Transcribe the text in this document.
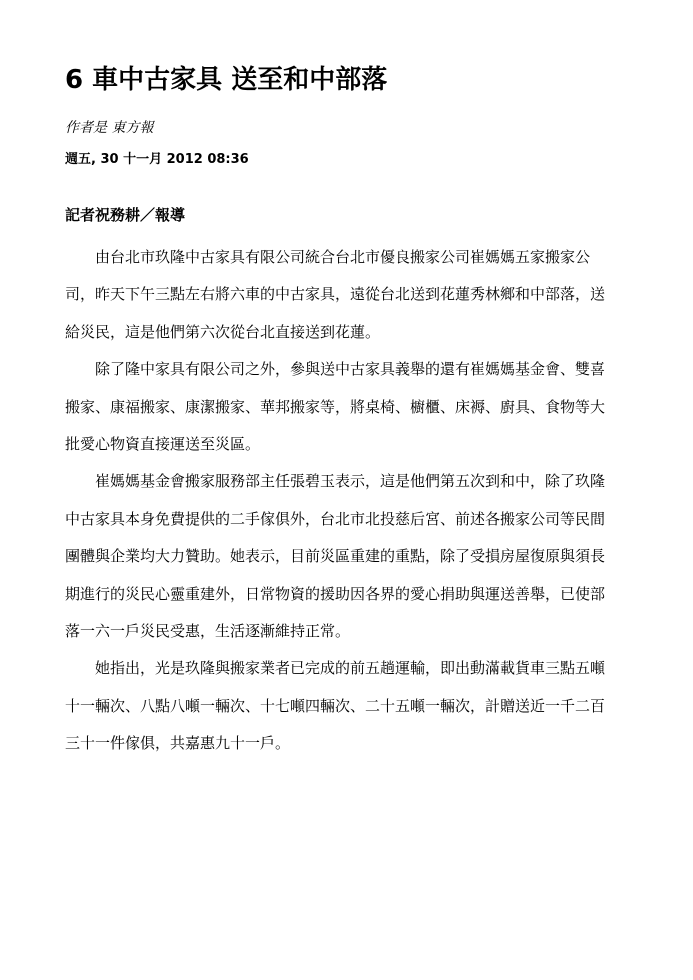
6 車中古家具 送至和中部落

作者是 東方報

週五, 30 十一月 2012 08:36

記者祝務耕／報導

由台北市玖隆中古家具有限公司統合台北市優良搬家公司崔媽媽五家搬家公
司，昨天下午三點左右將六車的中古家具，遠從台北送到花蓮秀林鄉和中部落，送
給災民，這是他們第六次從台北直接送到花蓮。

除了隆中家具有限公司之外，參與送中古家具義舉的還有崔媽媽基金會、雙喜
搬家、康福搬家、康潔搬家、華邦搬家等，將桌椅、櫥櫃、床褥、廚具、食物等大
批愛心物資直接運送至災區。

崔媽媽基金會搬家服務部主任張碧玉表示，這是他們第五次到和中，除了玖隆
中古家具本身免費提供的二手傢俱外，台北市北投慈后宮、前述各搬家公司等民間
團體與企業均大力贊助。她表示，目前災區重建的重點，除了受損房屋復原與須長
期進行的災民心靈重建外，日常物資的援助因各界的愛心捐助與運送善舉，已使部
落一六一戶災民受惠，生活逐漸維持正常。

她指出，光是玖隆與搬家業者已完成的前五趟運輸，即出動滿載貨車三點五噸
十一輛次、八點八噸一輛次、十七噸四輛次、二十五噸一輛次，計贈送近一千二百
三十一件傢俱，共嘉惠九十一戶。
